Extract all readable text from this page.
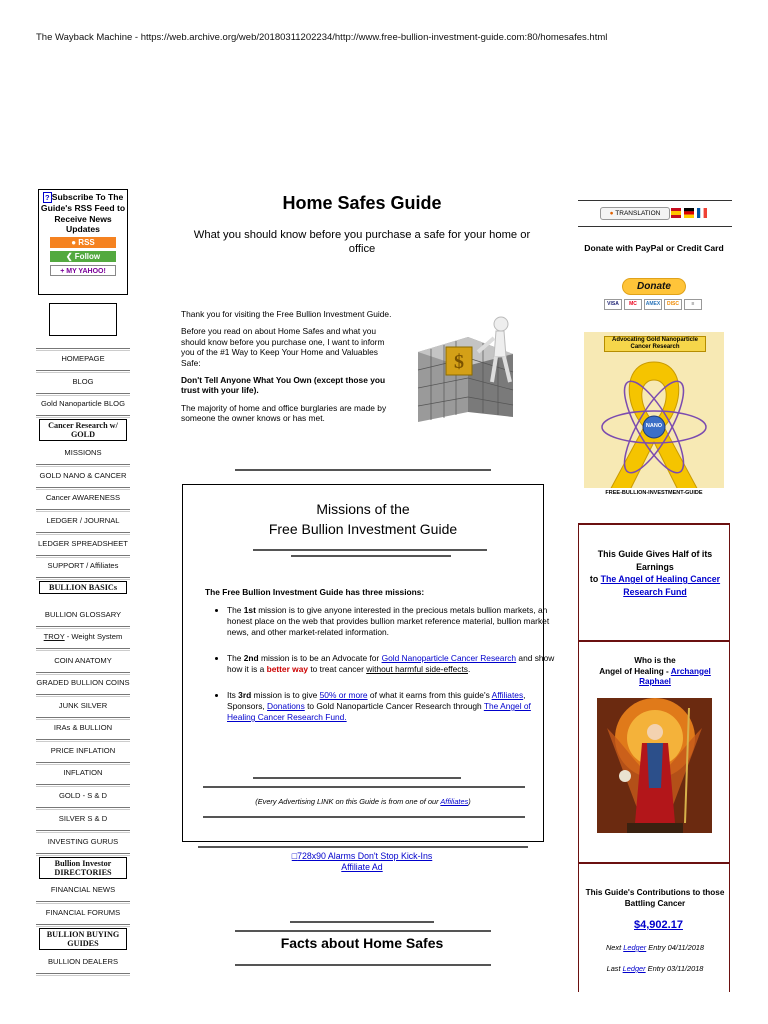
The Wayback Machine - https://web.archive.org/web/20180311202234/http://www.free-bullion-investment-guide.com:80/homesafes.html
? Subscribe To The Guide's RSS Feed to Receive News Updates
● RSS
❮ Follow
+ MY YAHOO!
HOMEPAGE
BLOG
Gold Nanoparticle BLOG
Cancer Research w/ GOLD
MISSIONS
GOLD NANO & CANCER
Cancer AWARENESS
LEDGER / JOURNAL
LEDGER SPREADSHEET
SUPPORT / Affiliates
BULLION BASICs
BULLION GLOSSARY
TROY - Weight System
COIN ANATOMY
GRADED BULLION COINS
JUNK SILVER
IRAs & BULLION
PRICE INFLATION
INFLATION
GOLD - S & D
SILVER S & D
INVESTING GURUS
Bullion Investor DIRECTORIES
FINANCIAL NEWS
FINANCIAL FORUMS
BULLION BUYING GUIDES
BULLION DEALERS
Home Safes Guide
What you should know before you purchase a safe for your home or office

Thank you for visiting the Free Bullion Investment Guide.

Before you read on about Home Safes and what you should know before you purchase one, I want to inform you of the #1 Way to Keep Your Home and Valuables Safe:

Don't Tell Anyone What You Own (except those you trust with your life).

The majority of home and office burglaries are made by someone the owner knows or has met.

$
Missions of the
Free Bullion Investment Guide
The Free Bullion Investment Guide has three missions:
• The 1st mission is to give anyone interested in the precious metals bullion markets, an honest place on the web that provides bullion market reference material, bullion market news, and other market-related information.
• The 2nd mission is to be an Advocate for Gold Nanoparticle Cancer Research and show how it is a better way to treat cancer without harmful side-effects.
• Its 3rd mission is to give 50% or more of what it earns from this guide's Affiliates, Sponsors, Donations to Gold Nanoparticle Cancer Research through The Angel of Healing Cancer Research Fund.
(Every Advertising LINK on this Guide is from one of our Affiliates)
□728x90 Alarms Don't Stop Kick-Ins
Affiliate Ad
Facts about Home Safes
● TRANSLATION
Donate with PayPal or Credit Card
Donate
VISA	MC	AMEX	DISC	≡
Advocating Gold Nanoparticle Cancer Research
NANO
FREE-BULLION-INVESTMENT-GUIDE
This Guide Gives Half of its Earnings
to The Angel of Healing Cancer Research Fund
Who is the
Angel of Healing - Archangel Raphael
This Guide's Contributions to those Battling Cancer
$4,902.17
Next Ledger Entry 04/11/2018
Last Ledger Entry 03/11/2018
